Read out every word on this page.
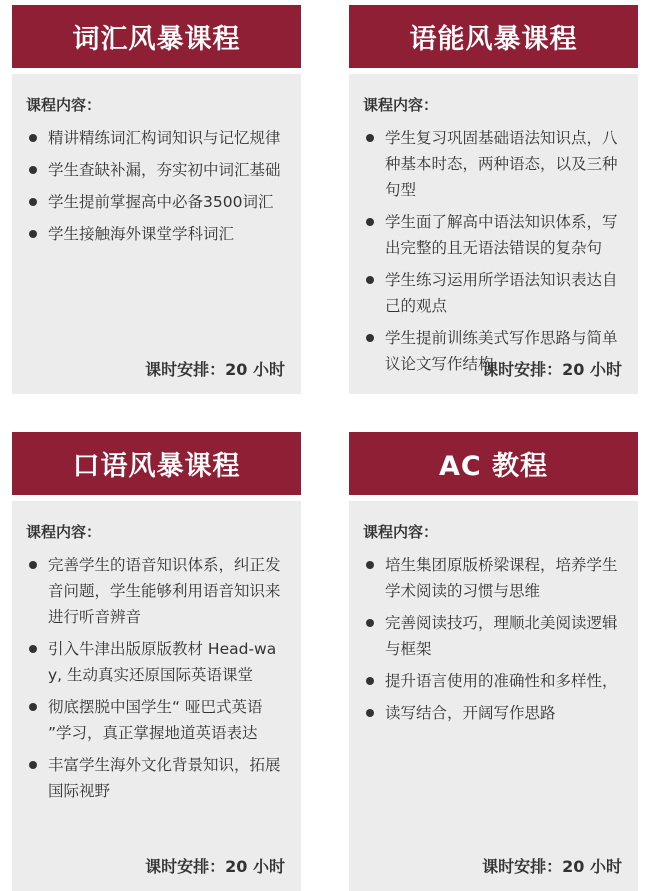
词汇风暴课程
课程内容：
精讲精练词汇构词知识与记忆规律
学生查缺补漏，夯实初中词汇基础
学生提前掌握高中必备3500词汇
学生接触海外课堂学科词汇
课时安排：20 小时
语能风暴课程
课程内容：
学生复习巩固基础语法知识点，八种基本时态，两种语态，以及三种句型
学生面了解高中语法知识体系，写出完整的且无语法错误的复杂句
学生练习运用所学语法知识表达自己的观点
学生提前训练美式写作思路与简单议论文写作结构
课时安排：20 小时
口语风暴课程
课程内容：
完善学生的语音知识体系，纠正发音问题，学生能够利用语音知识来进行听音辨音
引入牛津出版原版教材 Head-way, 生动真实还原国际英语课堂
彻底摆脱中国学生“ 哑巴式英语 ”学习，真正掌握地道英语表达
丰富学生海外文化背景知识，拓展国际视野
课时安排：20 小时
AC 教程
课程内容：
培生集团原版桥梁课程，培养学生学术阅读的习惯与思维
完善阅读技巧，理顺北美阅读逻辑与框架
提升语言使用的准确性和多样性，
读写结合，开阔写作思路
课时安排：20 小时
